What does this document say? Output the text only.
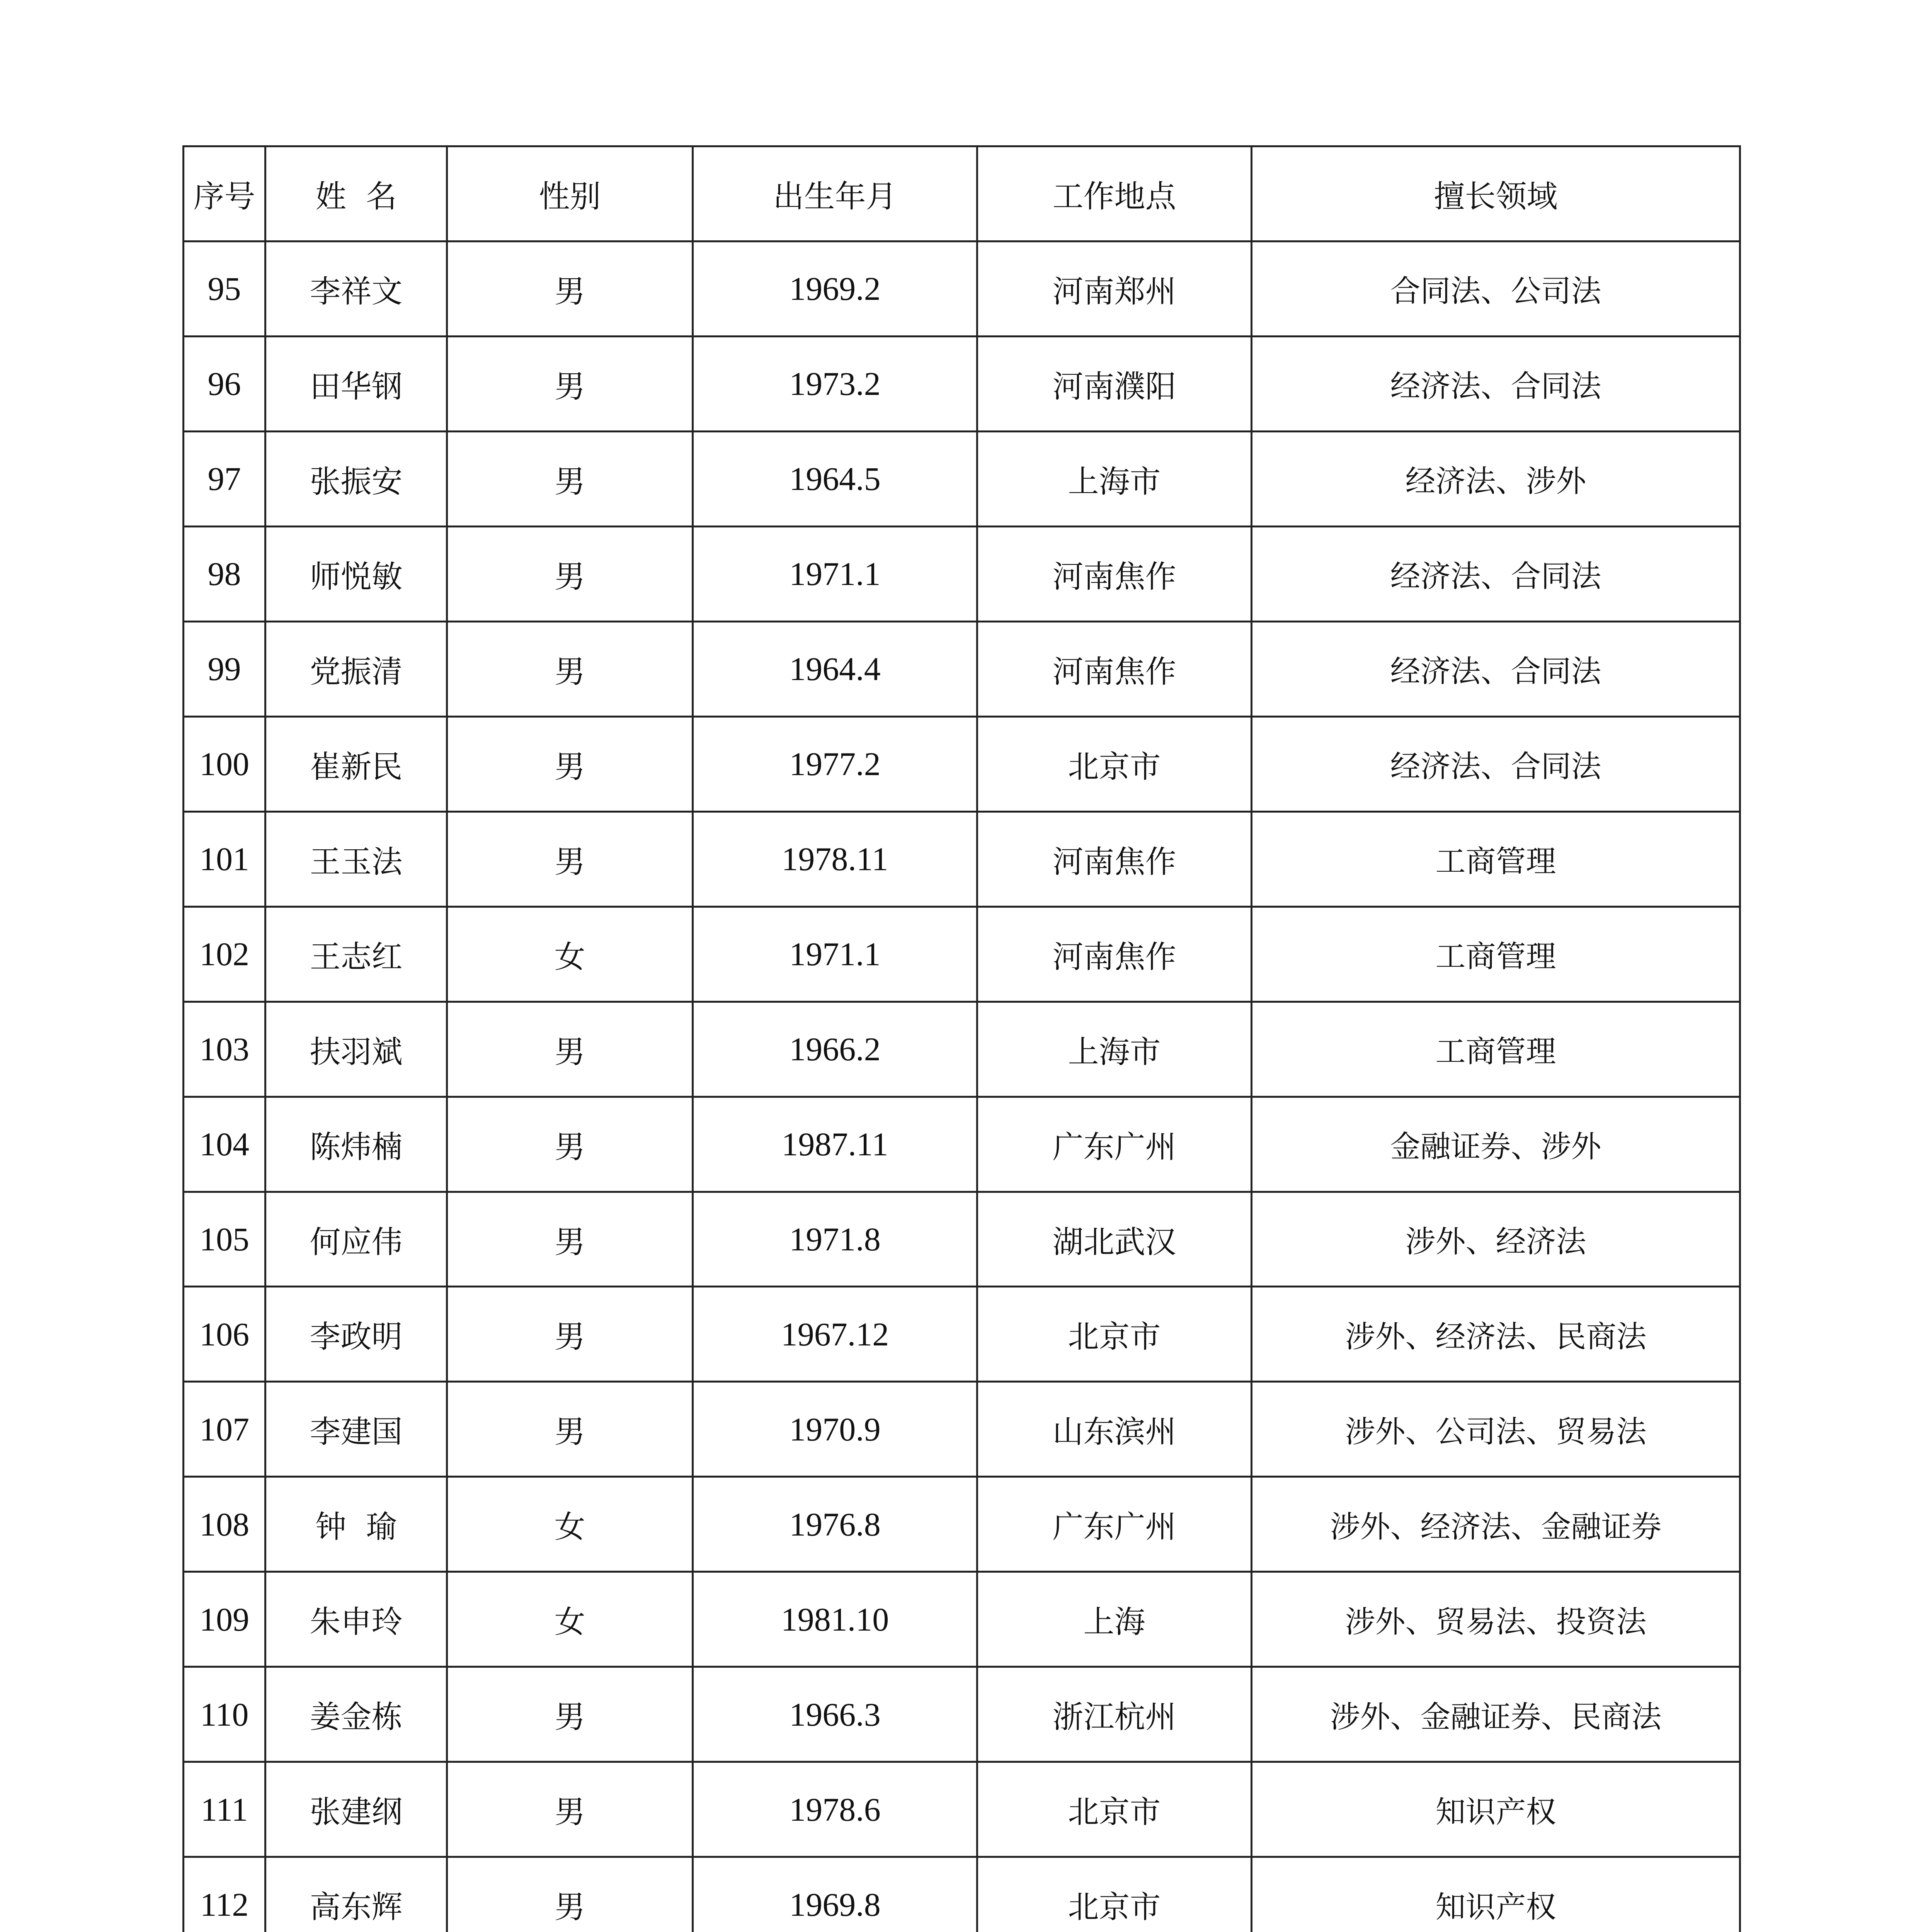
序号	姓  名	性别	出生年月	工作地点	擅长领域
95	李祥文	男	1969.2	河南郑州	合同法、公司法
96	田华钢	男	1973.2	河南濮阳	经济法、合同法
97	张振安	男	1964.5	上海市	经济法、涉外
98	师悦敏	男	1971.1	河南焦作	经济法、合同法
99	党振清	男	1964.4	河南焦作	经济法、合同法
100	崔新民	男	1977.2	北京市	经济法、合同法
101	王玉法	男	1978.11	河南焦作	工商管理
102	王志红	女	1971.1	河南焦作	工商管理
103	扶羽斌	男	1966.2	上海市	工商管理
104	陈炜楠	男	1987.11	广东广州	金融证券、涉外
105	何应伟	男	1971.8	湖北武汉	涉外、经济法
106	李政明	男	1967.12	北京市	涉外、经济法、民商法
107	李建国	男	1970.9	山东滨州	涉外、公司法、贸易法
108	钟  瑜	女	1976.8	广东广州	涉外、经济法、金融证券
109	朱申玲	女	1981.10	上海	涉外、贸易法、投资法
110	姜金栋	男	1966.3	浙江杭州	涉外、金融证券、民商法
111	张建纲	男	1978.6	北京市	知识产权
112	高东辉	男	1969.8	北京市	知识产权
